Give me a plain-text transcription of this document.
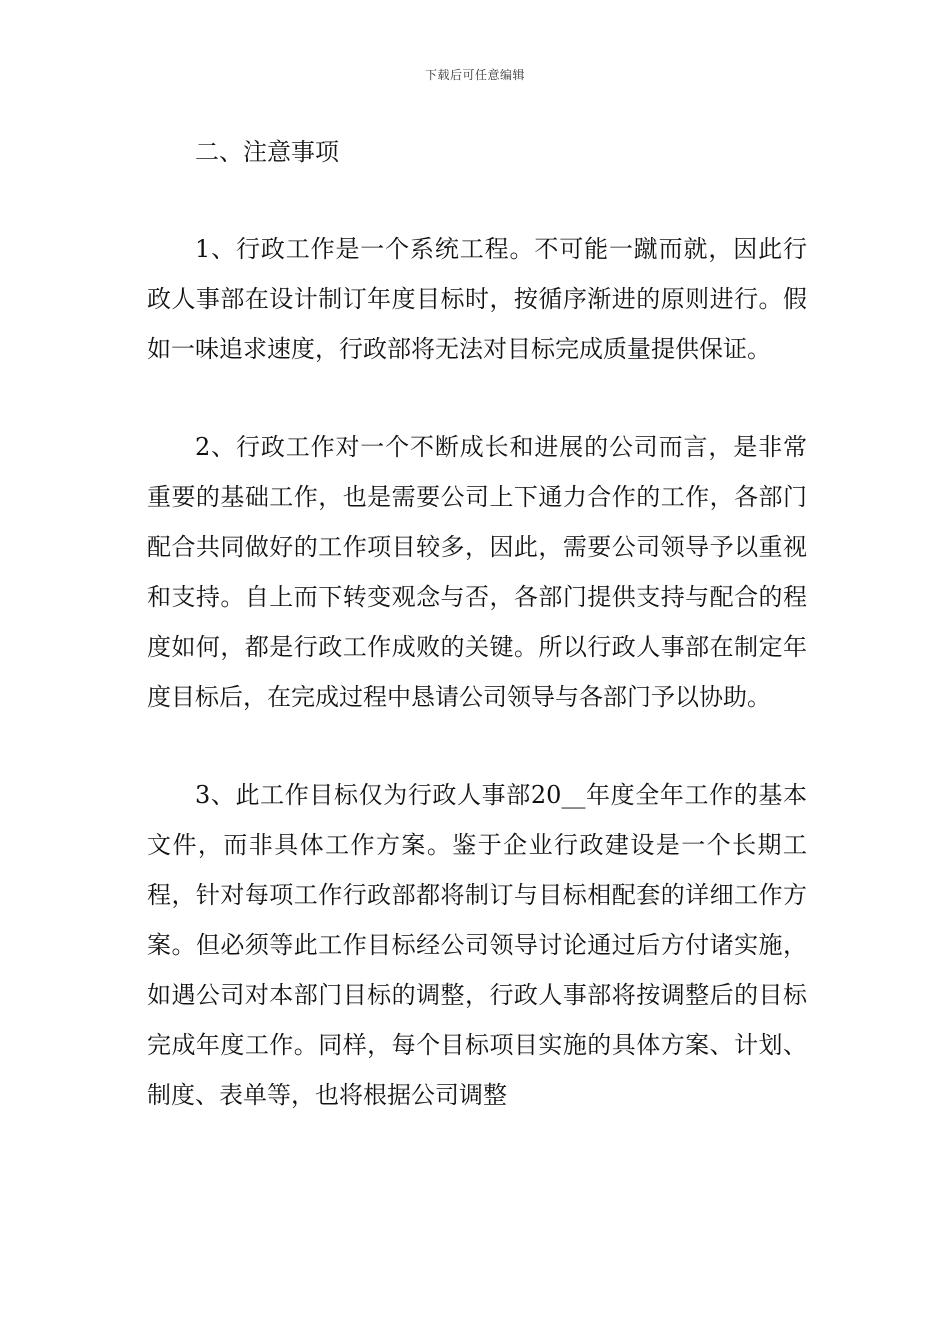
下载后可任意编辑
二、注意事项

1、行政工作是一个系统工程。不可能一蹴而就，因此行政人事部在设计制订年度目标时，按循序渐进的原则进行。假如一味追求速度，行政部将无法对目标完成质量提供保证。

2、行政工作对一个不断成长和进展的公司而言，是非常重要的基础工作，也是需要公司上下通力合作的工作，各部门配合共同做好的工作项目较多，因此，需要公司领导予以重视和支持。自上而下转变观念与否，各部门提供支持与配合的程度如何，都是行政工作成败的关键。所以行政人事部在制定年度目标后，在完成过程中恳请公司领导与各部门予以协助。

3、此工作目标仅为行政人事部20__年度全年工作的基本文件，而非具体工作方案。鉴于企业行政建设是一个长期工程，针对每项工作行政部都将制订与目标相配套的详细工作方案。但必须等此工作目标经公司领导讨论通过后方付诸实施，如遇公司对本部门目标的调整，行政人事部将按调整后的目标完成年度工作。同样，每个目标项目实施的具体方案、计划、制度、表单等，也将根据公司调整
